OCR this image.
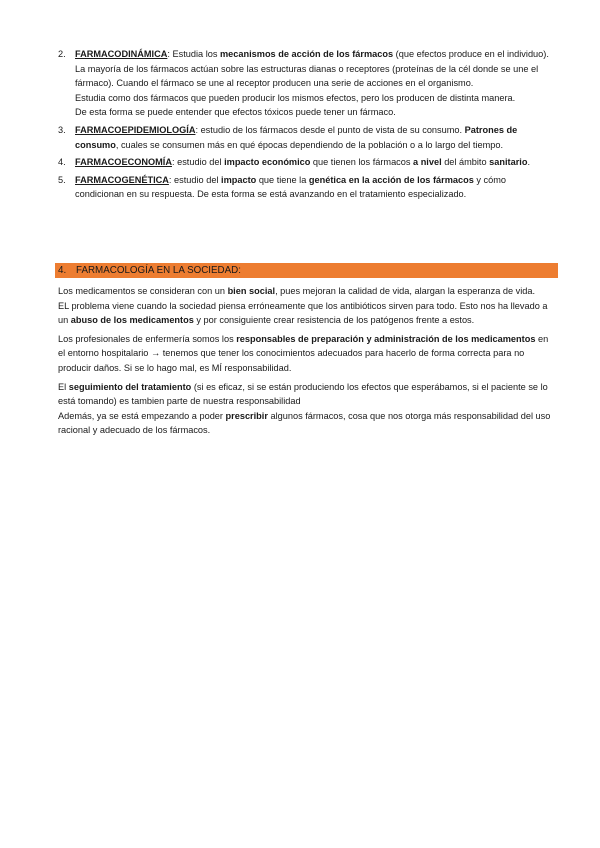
2.	FARMACODINÁMICA: Estudia los mecanismos de acción de los fármacos (que efectos produce en el individuo).
La mayoría de los fármacos actúan sobre las estructuras dianas o receptores (proteínas de la cél donde se une el fármaco). Cuando el fármaco se une al receptor producen una serie de acciones en el organismo.
Estudia como dos fármacos que pueden producir los mismos efectos, pero los producen de distinta manera.
De esta forma se puede entender que efectos tóxicos puede tener un fármaco.
3.	FARMACOEPIDEMIOLOGÍA: estudio de los fármacos desde el punto de vista de su consumo. Patrones de consumo, cuales se consumen más en qué épocas dependiendo de la población o a lo largo del tiempo.
4.	FARMACOECONOMÍA: estudio del impacto económico que tienen los fármacos a nivel del ámbito sanitario.
5.	FARMACOGENÉTICA: estudio del impacto que tiene la genética en la acción de los fármacos y cómo condicionan en su respuesta. De esta forma se está avanzando en el tratamiento especializado.
4. FARMACOLOGÍA EN LA SOCIEDAD:

Los medicamentos se consideran con un bien social, pues mejoran la calidad de vida, alargan la esperanza de vida.
EL problema viene cuando la sociedad piensa erróneamente que los antibióticos sirven para todo. Esto nos ha llevado a un abuso de los medicamentos y por consiguiente crear resistencia de los patógenos frente a estos.

Los profesionales de enfermería somos los responsables de preparación y administración de los medicamentos en el entorno hospitalario → tenemos que tener los conocimientos adecuados para hacerlo de forma correcta para no producir daños. Si se lo hago mal, es MÍ responsabilidad.

El seguimiento del tratamiento (si es eficaz, si se están produciendo los efectos que esperábamos, si el paciente se lo está tomando) es tambien parte de nuestra responsabilidad
Además, ya se está empezando a poder prescribir algunos fármacos, cosa que nos otorga más responsabilidad del uso racional y adecuado de los fármacos.
